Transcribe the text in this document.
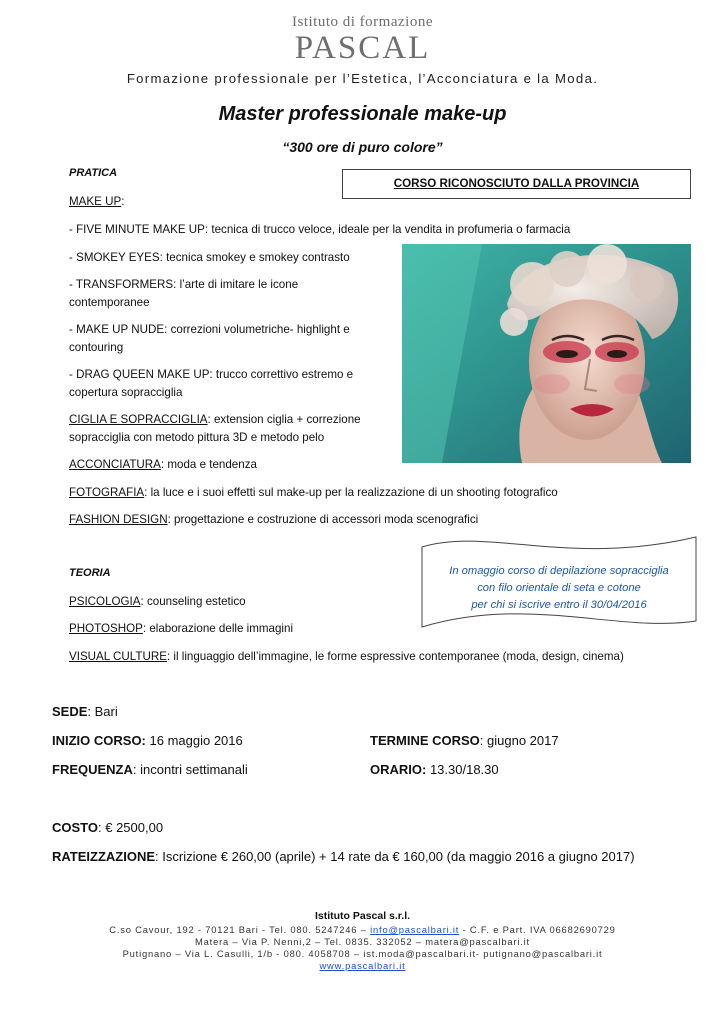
Istituto di formazione
PASCAL
Formazione professionale per l’Estetica, l’Acconciatura e la Moda.
Master professionale make-up
“300 ore di puro colore”
PRATICA
CORSO RICONOSCIUTO DALLA PROVINCIA
MAKE UP:
- FIVE MINUTE MAKE UP: tecnica di trucco veloce, ideale per la vendita in profumeria o farmacia
- SMOKEY EYES: tecnica smokey e smokey contrasto
- TRANSFORMERS: l’arte di imitare le icone
contemporanee
- MAKE UP NUDE: correzioni volumetriche- highlight e
contouring
- DRAG QUEEN MAKE UP: trucco correttivo estremo e
copertura sopracciglia
CIGLIA E SOPRACCIGLIA: extension ciglia + correzione
sopracciglia con metodo pittura 3D e metodo pelo
ACCONCIATURA: moda e tendenza
FOTOGRAFIA: la luce e i suoi effetti sul make-up per la realizzazione di un shooting fotografico
FASHION DESIGN: progettazione e costruzione di accessori moda scenografici
In omaggio corso di depilazione sopracciglia
con filo orientale di seta e cotone
per chi si iscrive entro il 30/04/2016
TEORIA
PSICOLOGIA: counseling estetico
PHOTOSHOP: elaborazione delle immagini
VISUAL CULTURE: il linguaggio dell’immagine, le forme espressive contemporanee (moda, design, cinema)
SEDE: Bari
INIZIO CORSO: 16 maggio 2016	TERMINE CORSO: giugno 2017
FREQUENZA: incontri settimanali	ORARIO: 13.30/18.30
COSTO: € 2500,00
RATEIZZAZIONE: Iscrizione € 260,00 (aprile) + 14 rate da € 160,00 (da maggio 2016 a giugno 2017)
Istituto Pascal s.r.l.
C.so Cavour, 192 - 70121 Bari - Tel. 080. 5247246 – info@pascalbari.it - C.F. e Part. IVA 06682690729
Matera – Via P. Nenni,2 – Tel. 0835. 332052 – matera@pascalbari.it
Putignano – Via L. Casulli, 1/b - 080. 4058708 – ist.moda@pascalbari.it- putignano@pascalbari.it
www.pascalbari.it
